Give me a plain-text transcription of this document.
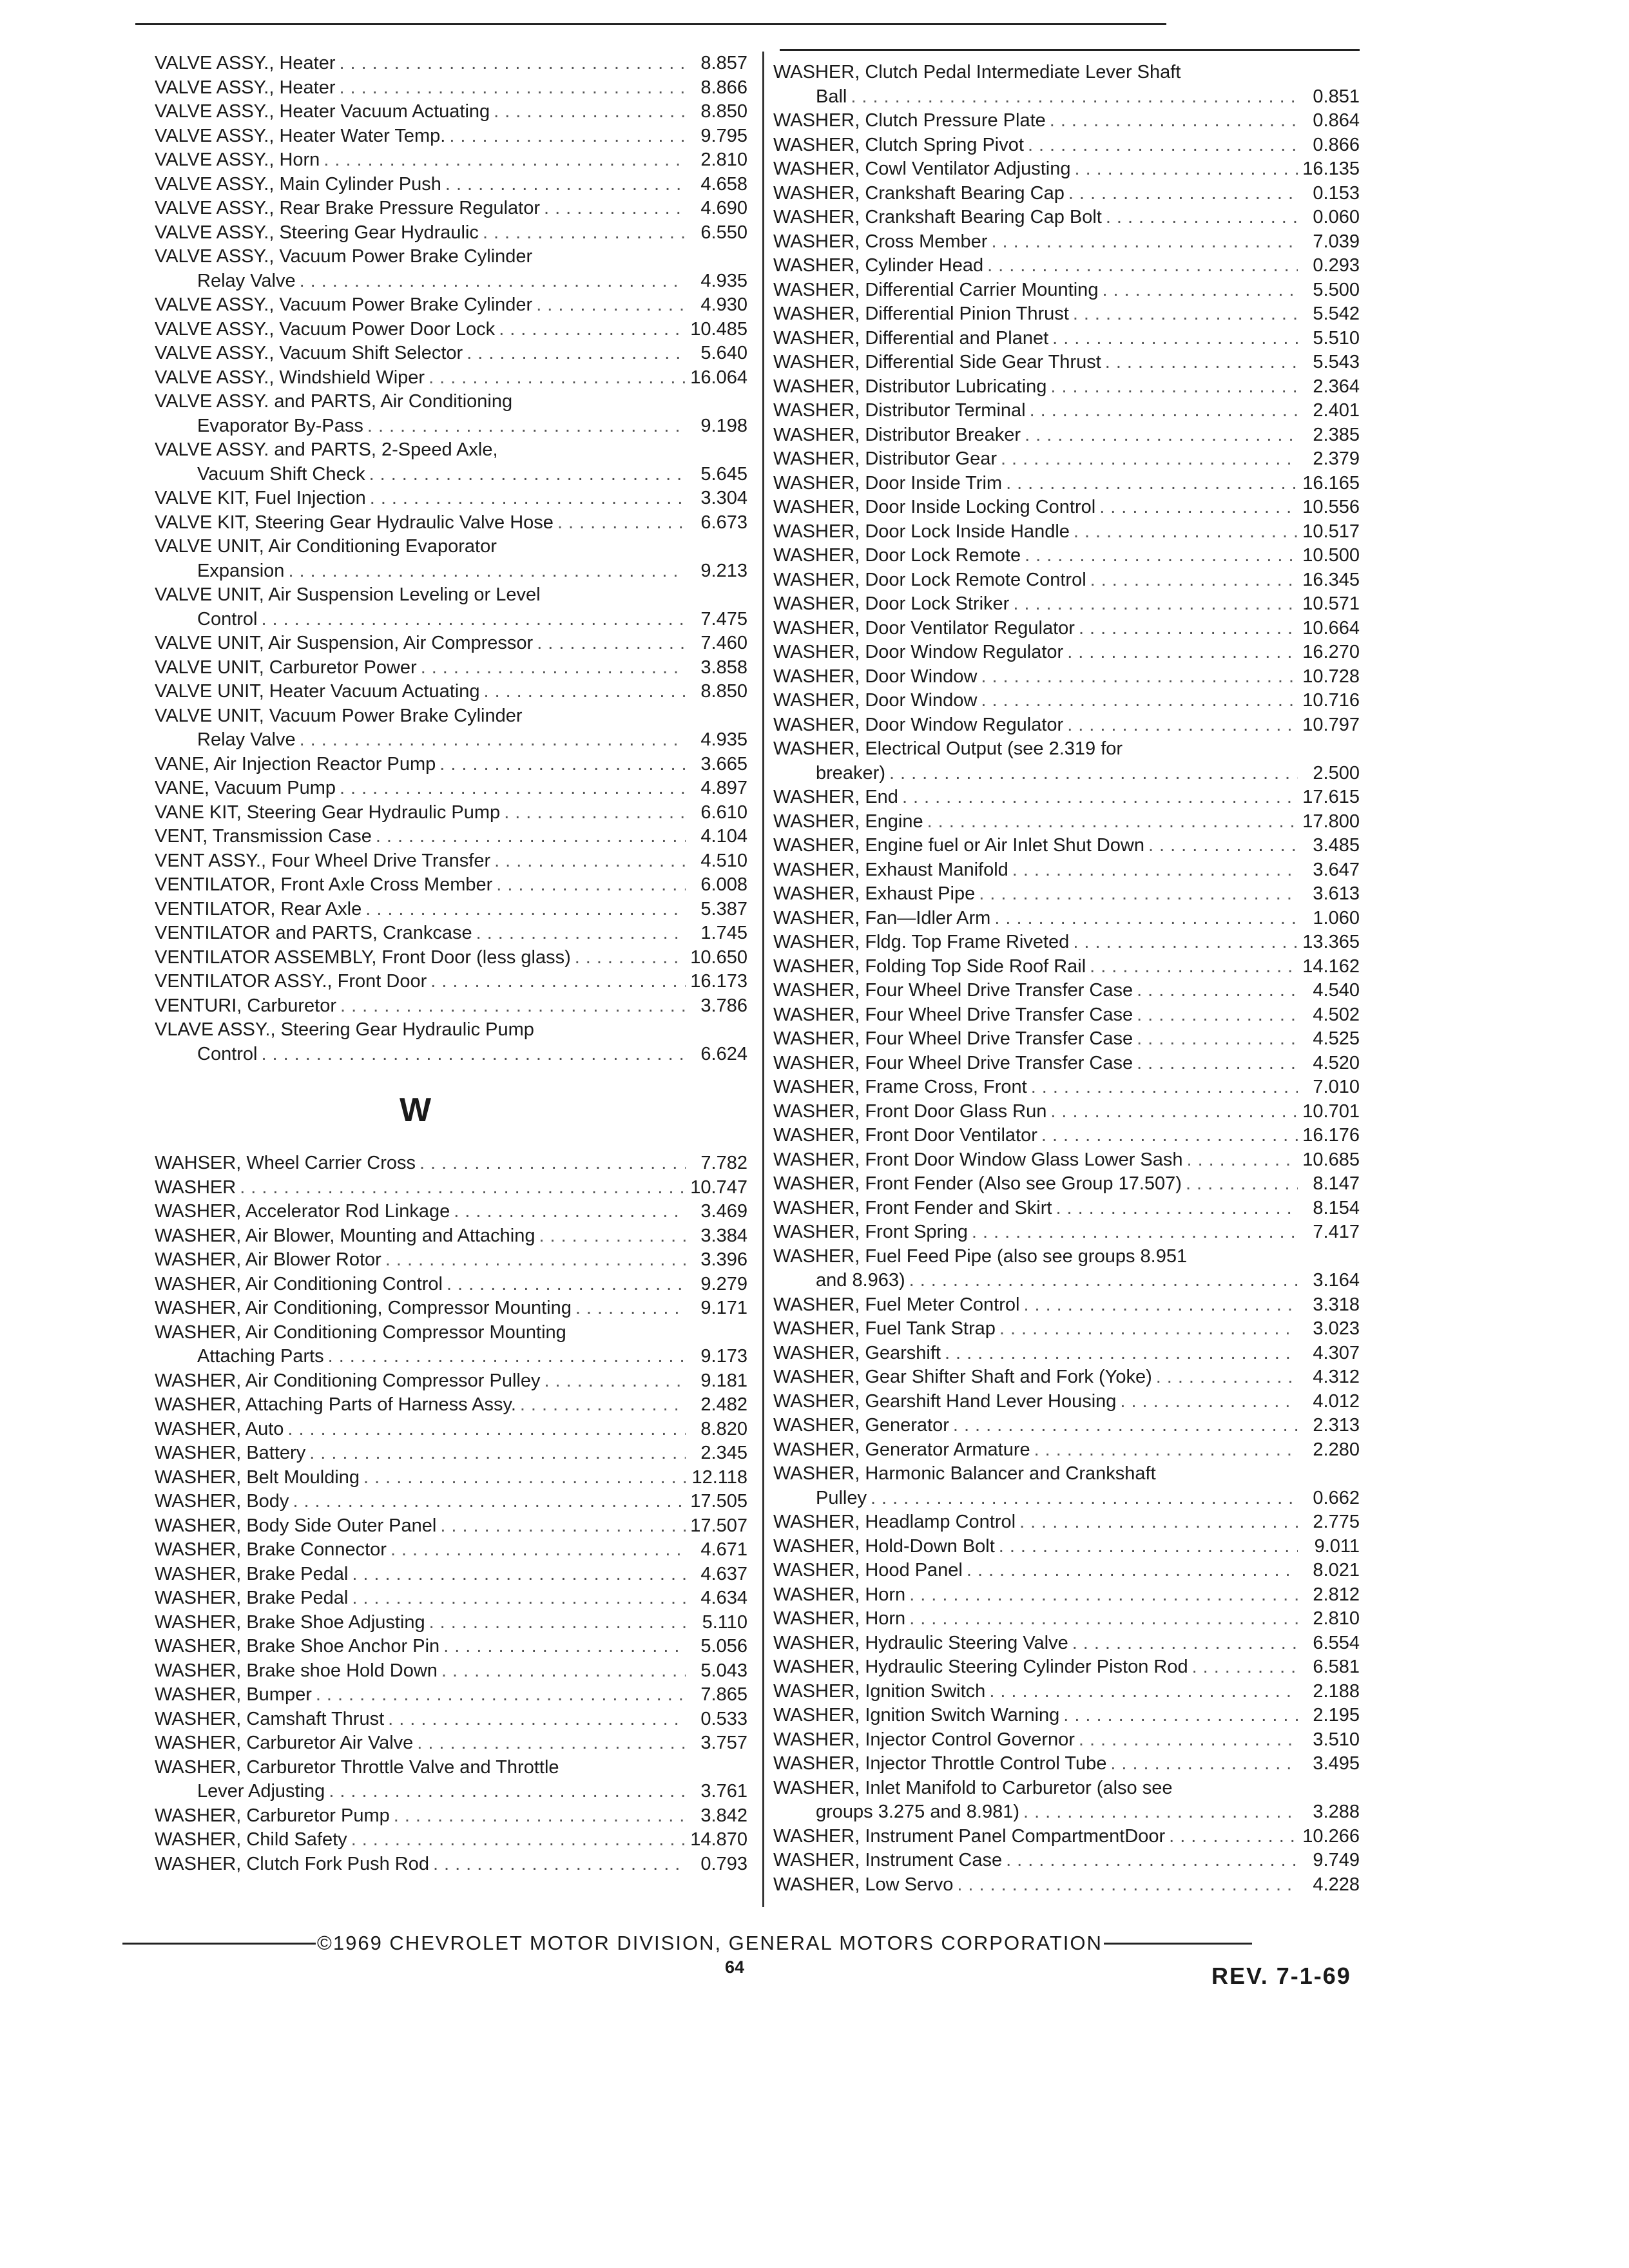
VALVE ASSY., Heater .....	8.857
VALVE ASSY., Heater .....	8.866
VALVE ASSY., Heater Vacuum Actuating .....	8.850
VALVE ASSY., Heater Water Temp. .....	9.795
VALVE ASSY., Horn .....	2.810
VALVE ASSY., Main Cylinder Push .....	4.658
VALVE ASSY., Rear Brake Pressure Regulator .....	4.690
VALVE ASSY., Steering Gear Hydraulic .....	6.550
VALVE ASSY., Vacuum Power Brake Cylinder
Relay Valve .....	4.935
VALVE ASSY., Vacuum Power Brake Cylinder .....	4.930
VALVE ASSY., Vacuum Power Door Lock .....	10.485
VALVE ASSY., Vacuum Shift Selector .....	5.640
VALVE ASSY., Windshield Wiper .....	16.064
VALVE ASSY. and PARTS, Air Conditioning
Evaporator By-Pass .....	9.198
VALVE ASSY. and PARTS, 2-Speed Axle,
Vacuum Shift Check .....	5.645
VALVE KIT, Fuel Injection .....	3.304
VALVE KIT, Steering Gear Hydraulic Valve Hose .....	6.673
VALVE UNIT, Air Conditioning Evaporator
Expansion .....	9.213
VALVE UNIT, Air Suspension Leveling or Level
Control .....	7.475
VALVE UNIT, Air Suspension, Air Compressor .....	7.460
VALVE UNIT, Carburetor Power .....	3.858
VALVE UNIT, Heater Vacuum Actuating .....	8.850
VALVE UNIT, Vacuum Power Brake Cylinder
Relay Valve .....	4.935
VANE, Air Injection Reactor Pump .....	3.665
VANE, Vacuum Pump .....	4.897
VANE KIT, Steering Gear Hydraulic Pump .....	6.610
VENT, Transmission Case .....	4.104
VENT ASSY., Four Wheel Drive Transfer .....	4.510
VENTILATOR, Front Axle Cross Member .....	6.008
VENTILATOR, Rear Axle .....	5.387
VENTILATOR and PARTS, Crankcase .....	1.745
VENTILATOR ASSEMBLY, Front Door (less glass) .....	10.650
VENTILATOR ASSY., Front Door .....	16.173
VENTURI, Carburetor .....	3.786
VLAVE ASSY., Steering Gear Hydraulic Pump
Control .....	6.624
W
WAHSER, Wheel Carrier Cross .....	7.782
WASHER .....	10.747
WASHER, Accelerator Rod Linkage .....	3.469
WASHER, Air Blower, Mounting and Attaching .....	3.384
WASHER, Air Blower Rotor .....	3.396
WASHER, Air Conditioning Control .....	9.279
WASHER, Air Conditioning, Compressor Mounting .....	9.171
WASHER, Air Conditioning Compressor Mounting
Attaching Parts .....	9.173
WASHER, Air Conditioning Compressor Pulley .....	9.181
WASHER, Attaching Parts of Harness Assy. .....	2.482
WASHER, Auto .....	8.820
WASHER, Battery .....	2.345
WASHER, Belt Moulding .....	12.118
WASHER, Body .....	17.505
WASHER, Body Side Outer Panel .....	17.507
WASHER, Brake Connector .....	4.671
WASHER, Brake Pedal .....	4.637
WASHER, Brake Pedal .....	4.634
WASHER, Brake Shoe Adjusting .....	5.110
WASHER, Brake Shoe Anchor Pin .....	5.056
WASHER, Brake shoe Hold Down .....	5.043
WASHER, Bumper .....	7.865
WASHER, Camshaft Thrust .....	0.533
WASHER, Carburetor Air Valve .....	3.757
WASHER, Carburetor Throttle Valve and Throttle
Lever Adjusting .....	3.761
WASHER, Carburetor Pump .....	3.842
WASHER, Child Safety .....	14.870
WASHER, Clutch Fork Push Rod .....	0.793
WASHER, Clutch Pedal Intermediate Lever Shaft
Ball .....	0.851
WASHER, Clutch Pressure Plate .....	0.864
WASHER, Clutch Spring Pivot .....	0.866
WASHER, Cowl Ventilator Adjusting .....	16.135
WASHER, Crankshaft Bearing Cap .....	0.153
WASHER, Crankshaft Bearing Cap Bolt .....	0.060
WASHER, Cross Member .....	7.039
WASHER, Cylinder Head .....	0.293
WASHER, Differential Carrier Mounting .....	5.500
WASHER, Differential Pinion Thrust .....	5.542
WASHER, Differential and Planet .....	5.510
WASHER, Differential Side Gear Thrust .....	5.543
WASHER, Distributor Lubricating .....	2.364
WASHER, Distributor Terminal .....	2.401
WASHER, Distributor Breaker .....	2.385
WASHER, Distributor Gear .....	2.379
WASHER, Door Inside Trim .....	16.165
WASHER, Door Inside Locking Control .....	10.556
WASHER, Door Lock Inside Handle .....	10.517
WASHER, Door Lock Remote .....	10.500
WASHER, Door Lock Remote Control .....	16.345
WASHER, Door Lock Striker .....	10.571
WASHER, Door Ventilator Regulator .....	10.664
WASHER, Door Window Regulator .....	16.270
WASHER, Door Window .....	10.728
WASHER, Door Window .....	10.716
WASHER, Door Window Regulator .....	10.797
WASHER, Electrical Output (see 2.319 for
breaker) .....	2.500
WASHER, End .....	17.615
WASHER, Engine .....	17.800
WASHER, Engine fuel or Air Inlet Shut Down .....	3.485
WASHER, Exhaust Manifold .....	3.647
WASHER, Exhaust Pipe .....	3.613
WASHER, Fan—Idler Arm .....	1.060
WASHER, Fldg. Top Frame Riveted .....	13.365
WASHER, Folding Top Side Roof Rail .....	14.162
WASHER, Four Wheel Drive Transfer Case .....	4.540
WASHER, Four Wheel Drive Transfer Case .....	4.502
WASHER, Four Wheel Drive Transfer Case .....	4.525
WASHER, Four Wheel Drive Transfer Case .....	4.520
WASHER, Frame Cross, Front .....	7.010
WASHER, Front Door Glass Run .....	10.701
WASHER, Front Door Ventilator .....	16.176
WASHER, Front Door Window Glass Lower Sash .....	10.685
WASHER, Front Fender (Also see Group 17.507) .....	8.147
WASHER, Front Fender and Skirt .....	8.154
WASHER, Front Spring .....	7.417
WASHER, Fuel Feed Pipe (also see groups 8.951
and 8.963) .....	3.164
WASHER, Fuel Meter Control .....	3.318
WASHER, Fuel Tank Strap .....	3.023
WASHER, Gearshift .....	4.307
WASHER, Gear Shifter Shaft and Fork (Yoke) .....	4.312
WASHER, Gearshift Hand Lever Housing .....	4.012
WASHER, Generator .....	2.313
WASHER, Generator Armature .....	2.280
WASHER, Harmonic Balancer and Crankshaft
Pulley .....	0.662
WASHER, Headlamp Control .....	2.775
WASHER, Hold-Down Bolt .....	9.011
WASHER, Hood Panel .....	8.021
WASHER, Horn .....	2.812
WASHER, Horn .....	2.810
WASHER, Hydraulic Steering Valve .....	6.554
WASHER, Hydraulic Steering Cylinder Piston Rod .....	6.581
WASHER, Ignition Switch .....	2.188
WASHER, Ignition Switch Warning .....	2.195
WASHER, Injector Control Governor .....	3.510
WASHER, Injector Throttle Control Tube .....	3.495
WASHER, Inlet Manifold to Carburetor (also see
groups 3.275 and 8.981) .....	3.288
WASHER, Instrument Panel CompartmentDoor .....	10.266
WASHER, Instrument Case .....	9.749
WASHER, Low Servo .....	4.228
©1969 CHEVROLET MOTOR DIVISION, GENERAL MOTORS CORPORATION
64	REV. 7-1-69
